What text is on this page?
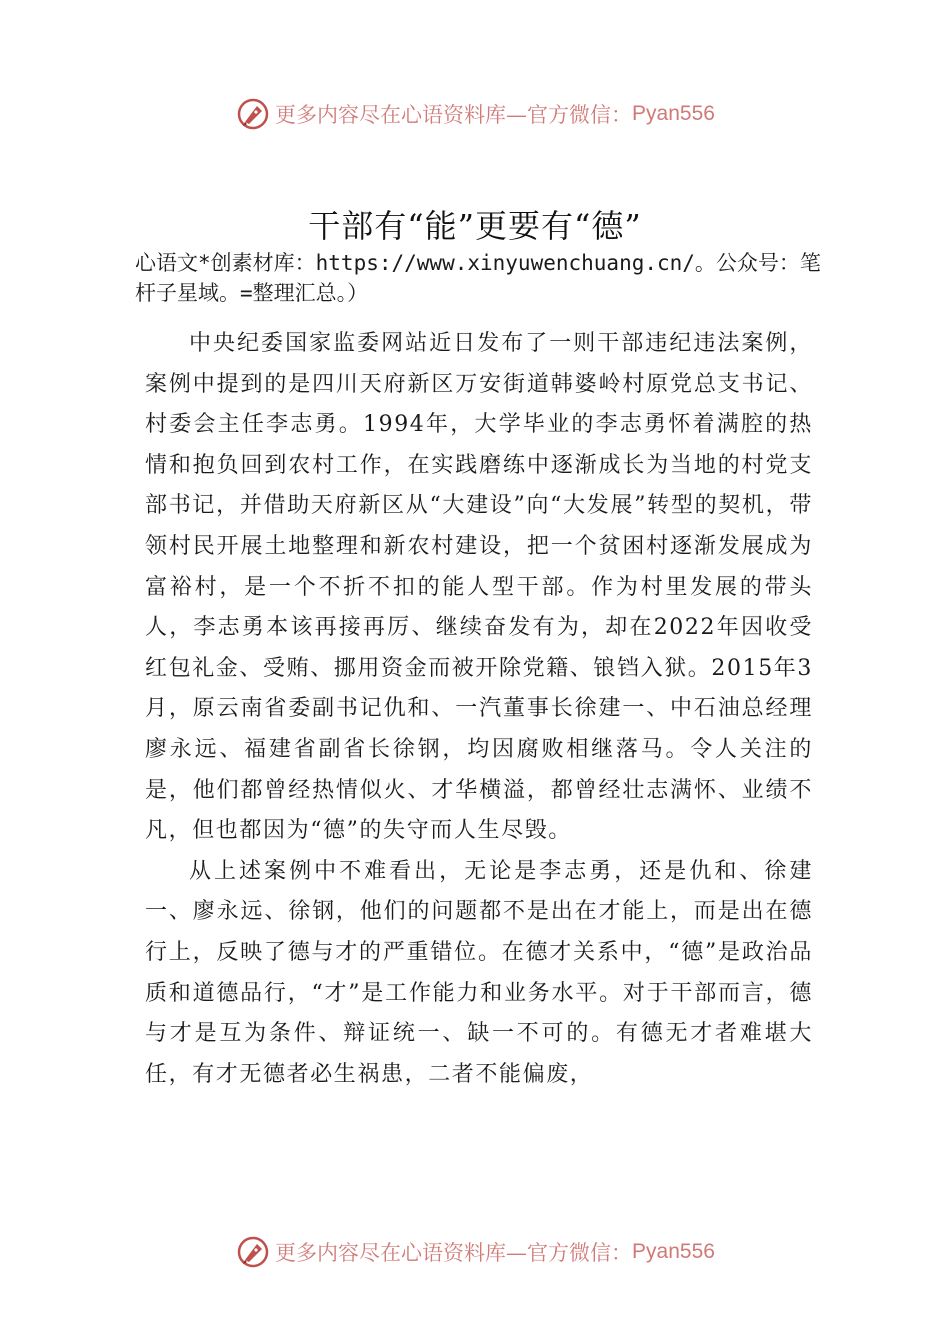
更多内容尽在心语资料库—官方微信： Pyan556
干部有“能”更要有“德”
心语文*创素材库：https://www.xinyuwenchuang.cn/。公众号：笔杆子星域。=整理汇总。）

中央纪委国家监委网站近日发布了一则干部违纪违法案例，案例中提到的是四川天府新区万安街道韩婆岭村原党总支书记、村委会主任李志勇。1994年，大学毕业的李志勇怀着满腔的热情和抱负回到农村工作，在实践磨练中逐渐成长为当地的村党支部书记，并借助天府新区从“大建设”向“大发展”转型的契机，带领村民开展土地整理和新农村建设，把一个贫困村逐渐发展成为富裕村，是一个不折不扣的能人型干部。作为村里发展的带头人，李志勇本该再接再厉、继续奋发有为，却在2022年因收受红包礼金、受贿、挪用资金而被开除党籍、锒铛入狱。2015年3月，原云南省委副书记仇和、一汽董事长徐建一、中石油总经理廖永远、福建省副省长徐钢，均因腐败相继落马。令人关注的是，他们都曾经热情似火、才华横溢，都曾经壮志满怀、业绩不凡，但也都因为“德”的失守而人生尽毁。

从上述案例中不难看出，无论是李志勇，还是仇和、徐建一、廖永远、徐钢，他们的问题都不是出在才能上，而是出在德行上，反映了德与才的严重错位。在德才关系中，“德”是政治品质和道德品行，“才”是工作能力和业务水平。对于干部而言，德与才是互为条件、辩证统一、缺一不可的。有德无才者难堪大任，有才无德者必生祸患，二者不能偏废，

更多内容尽在心语资料库—官方微信： Pyan556
